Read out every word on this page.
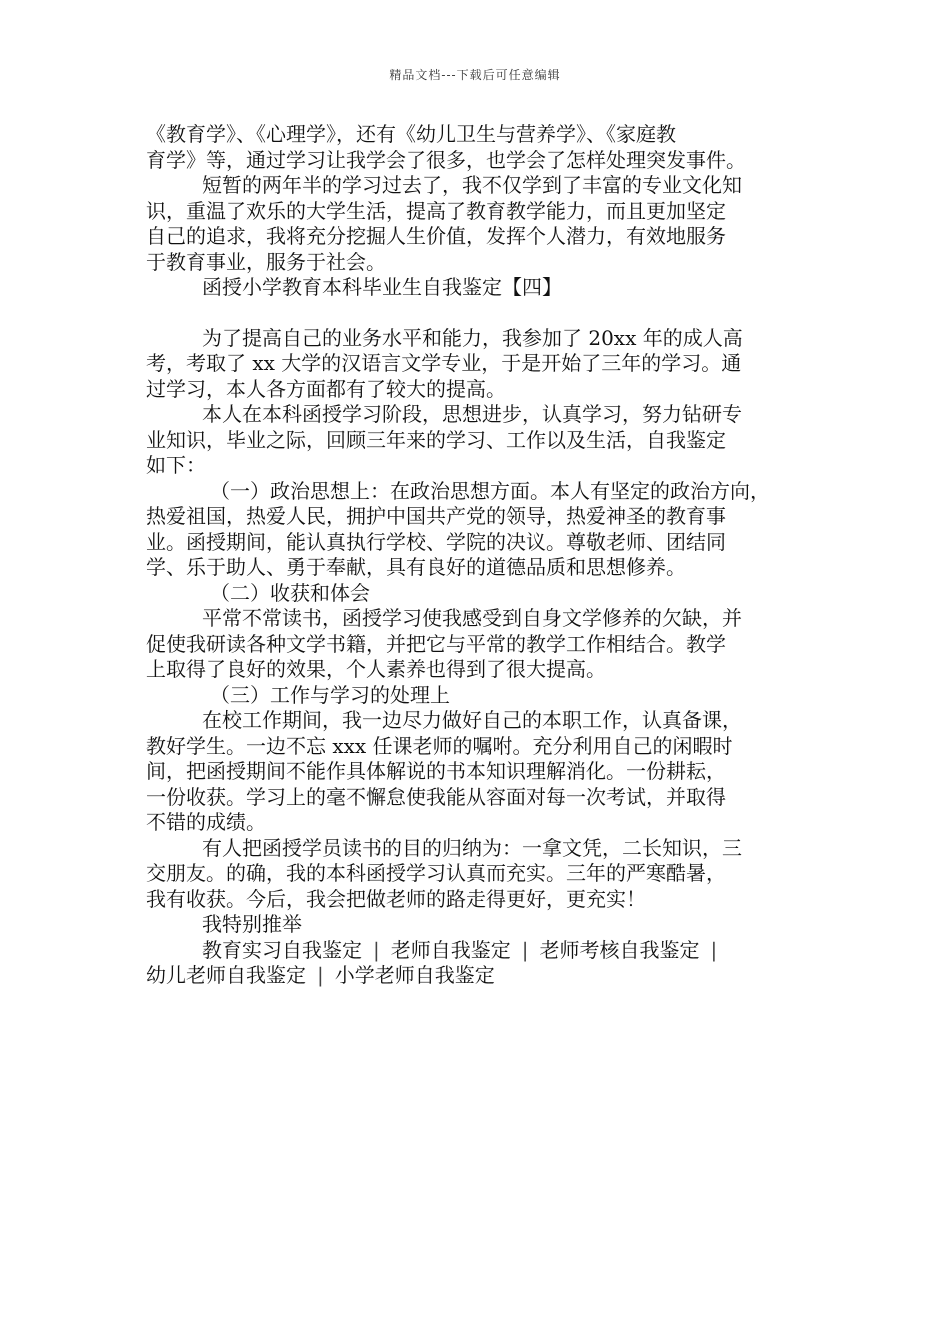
精品文档---下载后可任意编辑

《教育学》、《心理学》，还有《幼儿卫生与营养学》、《家庭教

育学》等，通过学习让我学会了很多，也学会了怎样处理突发事件。

短暂的两年半的学习过去了，我不仅学到了丰富的专业文化知

识，重温了欢乐的大学生活，提高了教育教学能力，而且更加坚定

自己的追求，我将充分挖掘人生价值，发挥个人潜力，有效地服务

于教育事业，服务于社会。

函授小学教育本科毕业生自我鉴定【四】

为了提高自己的业务水平和能力，我参加了 20xx 年的成人高

考，考取了 xx 大学的汉语言文学专业，于是开始了三年的学习。通

过学习，本人各方面都有了较大的提高。

本人在本科函授学习阶段，思想进步，认真学习，努力钻研专

业知识，毕业之际，回顾三年来的学习、工作以及生活，自我鉴定

如下：

（一）政治思想上：在政治思想方面。本人有坚定的政治方向，

热爱祖国，热爱人民，拥护中国共产党的领导，热爱神圣的教育事

业。函授期间，能认真执行学校、学院的决议。尊敬老师、团结同

学、乐于助人、勇于奉献，具有良好的道德品质和思想修养。

（二）收获和体会

平常不常读书，函授学习使我感受到自身文学修养的欠缺，并

促使我研读各种文学书籍，并把它与平常的教学工作相结合。教学

上取得了良好的效果，个人素养也得到了很大提高。

（三）工作与学习的处理上

在校工作期间，我一边尽力做好自己的本职工作，认真备课，

教好学生。一边不忘 xxx 任课老师的嘱咐。充分利用自己的闲暇时

间，把函授期间不能作具体解说的书本知识理解消化。一份耕耘，

一份收获。学习上的毫不懈怠使我能从容面对每一次考试，并取得

不错的成绩。

有人把函授学员读书的目的归纳为：一拿文凭，二长知识，三

交朋友。的确，我的本科函授学习认真而充实。三年的严寒酷暑，

我有收获。今后，我会把做老师的路走得更好，更充实！

我特别推举

教育实习自我鉴定 | 老师自我鉴定 | 老师考核自我鉴定 |

幼儿老师自我鉴定 | 小学老师自我鉴定
